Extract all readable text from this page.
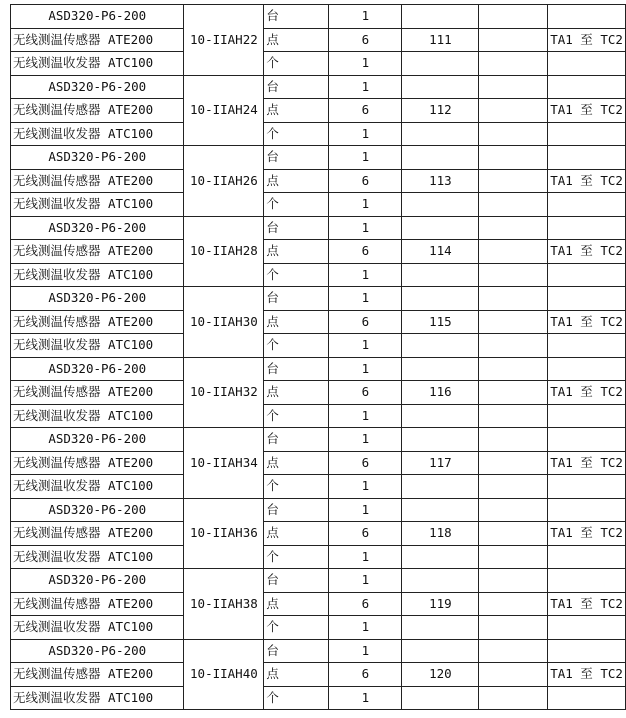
ASD320-P6-200	10-IIAH22	台	1			
无线测温传感器 ATE200		点	6	111		TA1 至 TC2
无线测温收发器 ATC100		个	1			
ASD320-P6-200	10-IIAH24	台	1			
无线测温传感器 ATE200		点	6	112		TA1 至 TC2
无线测温收发器 ATC100		个	1			
ASD320-P6-200	10-IIAH26	台	1			
无线测温传感器 ATE200		点	6	113		TA1 至 TC2
无线测温收发器 ATC100		个	1			
ASD320-P6-200	10-IIAH28	台	1			
无线测温传感器 ATE200		点	6	114		TA1 至 TC2
无线测温收发器 ATC100		个	1			
ASD320-P6-200	10-IIAH30	台	1			
无线测温传感器 ATE200		点	6	115		TA1 至 TC2
无线测温收发器 ATC100		个	1			
ASD320-P6-200	10-IIAH32	台	1			
无线测温传感器 ATE200		点	6	116		TA1 至 TC2
无线测温收发器 ATC100		个	1			
ASD320-P6-200	10-IIAH34	台	1			
无线测温传感器 ATE200		点	6	117		TA1 至 TC2
无线测温收发器 ATC100		个	1			
ASD320-P6-200	10-IIAH36	台	1			
无线测温传感器 ATE200		点	6	118		TA1 至 TC2
无线测温收发器 ATC100		个	1			
ASD320-P6-200	10-IIAH38	台	1			
无线测温传感器 ATE200		点	6	119		TA1 至 TC2
无线测温收发器 ATC100		个	1			
ASD320-P6-200	10-IIAH40	台	1			
无线测温传感器 ATE200		点	6	120		TA1 至 TC2
无线测温收发器 ATC100		个	1			
